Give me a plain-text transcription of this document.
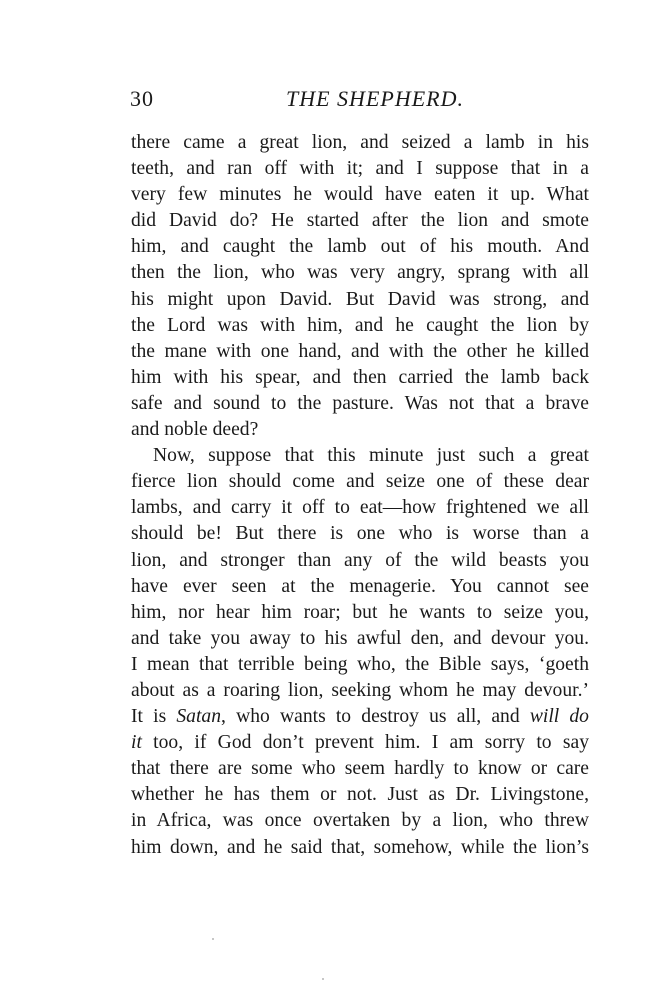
30	THE SHEPHERD.
there came a great lion, and seized a lamb in his
teeth, and ran off with it; and I suppose that in a
very few minutes he would have eaten it up. What
did David do? He started after the lion and smote
him, and caught the lamb out of his mouth. And
then the lion, who was very angry, sprang with all
his might upon David. But David was strong, and
the Lord was with him, and he caught the lion by
the mane with one hand, and with the other he killed
him with his spear, and then carried the lamb back
safe and sound to the pasture. Was not that a brave
and noble deed?
Now, suppose that this minute just such a great
fierce lion should come and seize one of these dear
lambs, and carry it off to eat—how frightened we all
should be! But there is one who is worse than a
lion, and stronger than any of the wild beasts you
have ever seen at the menagerie. You cannot see
him, nor hear him roar; but he wants to seize you,
and take you away to his awful den, and devour you.
I mean that terrible being who, the Bible says, ‘goeth
about as a roaring lion, seeking whom he may devour.’
It is Satan, who wants to destroy us all, and will do
it too, if God don’t prevent him. I am sorry to say
that there are some who seem hardly to know or care
whether he has them or not. Just as Dr. Livingstone,
in Africa, was once overtaken by a lion, who threw
him down, and he said that, somehow, while the lion’s
